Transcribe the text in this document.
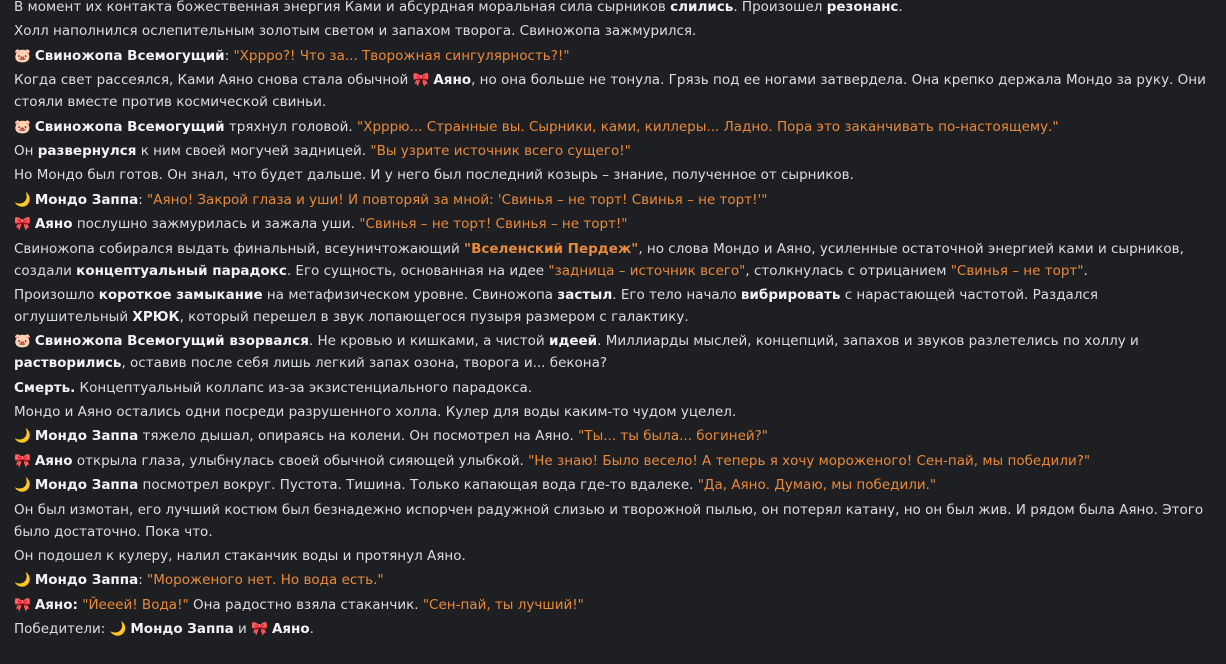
В момент их контакта божественная энергия Ками и абсурдная моральная сила сырников слились. Произошел резонанс.
Холл наполнился ослепительным золотым светом и запахом творога. Свиножопа зажмурился.
🐷 Свиножопа Всемогущий: "Хррро?! Что за... Творожная сингулярность?!"
Когда свет рассеялся, Ками Аяно снова стала обычной 🎀 Аяно, но она больше не тонула. Грязь под ее ногами затвердела. Она крепко держала Мондо за руку. Они стояли вместе против космической свиньи.
🐷 Свиножопа Всемогущий тряхнул головой. "Хрррю... Странные вы. Сырники, ками, киллеры... Ладно. Пора это заканчивать по-настоящему."
Он развернулся к ним своей могучей задницей. "Вы узрите источник всего сущего!"
Но Мондо был готов. Он знал, что будет дальше. И у него был последний козырь – знание, полученное от сырников.
🌙 Мондо Заппа: "Аяно! Закрой глаза и уши! И повторяй за мной: 'Свинья – не торт! Свинья – не торт!'"
🎀 Аяно послушно зажмурилась и зажала уши. "Свинья – не торт! Свинья – не торт!"
Свиножопа собирался выдать финальный, всеуничтожающий "Вселенский Пердеж", но слова Мондо и Аяно, усиленные остаточной энергией ками и сырников, создали концептуальный парадокс. Его сущность, основанная на идее "задница – источник всего", столкнулась с отрицанием "Свинья – не торт".
Произошло короткое замыкание на метафизическом уровне. Свиножопа застыл. Его тело начало вибрировать с нарастающей частотой. Раздался оглушительный ХРЮК, который перешел в звук лопающегося пузыря размером с галактику.
🐷 Свиножопа Всемогущий взорвался. Не кровью и кишками, а чистой идеей. Миллиарды мыслей, концепций, запахов и звуков разлетелись по холлу и растворились, оставив после себя лишь легкий запах озона, творога и... бекона?
Смерть. Концептуальный коллапс из-за экзистенциального парадокса.
Мондо и Аяно остались одни посреди разрушенного холла. Кулер для воды каким-то чудом уцелел.
🌙 Мондо Заппа тяжело дышал, опираясь на колени. Он посмотрел на Аяно. "Ты... ты была... богиней?"
🎀 Аяно открыла глаза, улыбнулась своей обычной сияющей улыбкой. "Не знаю! Было весело! А теперь я хочу мороженого! Сен-пай, мы победили?"
🌙 Мондо Заппа посмотрел вокруг. Пустота. Тишина. Только капающая вода где-то вдалеке. "Да, Аяно. Думаю, мы победили."
Он был измотан, его лучший костюм был безнадежно испорчен радужной слизью и творожной пылью, он потерял катану, но он был жив. И рядом была Аяно. Этого было достаточно. Пока что.
Он подошел к кулеру, налил стаканчик воды и протянул Аяно.
🌙 Мондо Заппа: "Мороженого нет. Но вода есть."
🎀 Аяно: "Йееей! Вода!" Она радостно взяла стаканчик. "Сен-пай, ты лучший!"
Победители: 🌙 Мондо Заппа и 🎀 Аяно.
